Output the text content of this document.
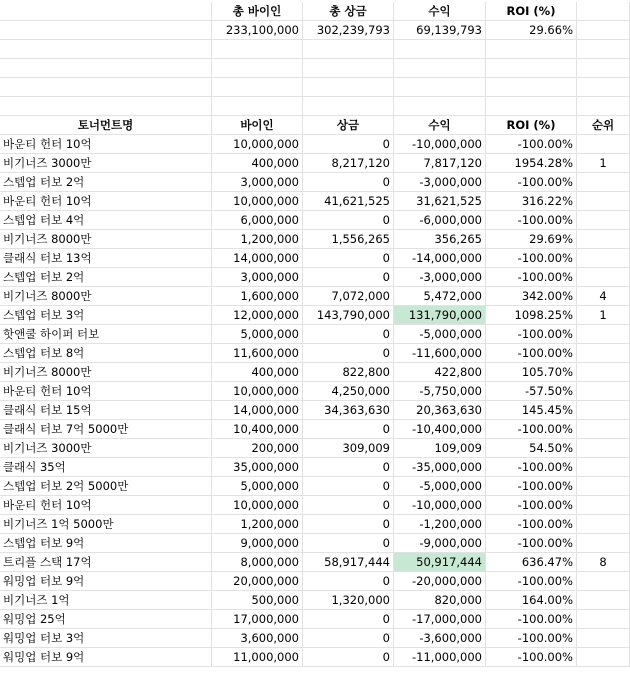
총 바이인	총 상금	수익	ROI (%)
233,100,000	302,239,793	69,139,793	29.66%
토너먼트명	바이인	상금	수익	ROI (%)	순위
바운티 헌터 10억	10,000,000	0	-10,000,000	-100.00%
비기너즈 3000만	400,000	8,217,120	7,817,120	1954.28%	1
스텝업 터보 2억	3,000,000	0	-3,000,000	-100.00%
바운티 헌터 10억	10,000,000	41,621,525	31,621,525	316.22%
스텝업 터보 4억	6,000,000	0	-6,000,000	-100.00%
비기너즈 8000만	1,200,000	1,556,265	356,265	29.69%
클래식 터보 13억	14,000,000	0	-14,000,000	-100.00%
스텝업 터보 2억	3,000,000	0	-3,000,000	-100.00%
비기너즈 8000만	1,600,000	7,072,000	5,472,000	342.00%	4
스텝업 터보 3억	12,000,000	143,790,000	131,790,000	1098.25%	1
핫앤쿨 하이퍼 터보	5,000,000	0	-5,000,000	-100.00%
스텝업 터보 8억	11,600,000	0	-11,600,000	-100.00%
비기너즈 8000만	400,000	822,800	422,800	105.70%
바운티 헌터 10억	10,000,000	4,250,000	-5,750,000	-57.50%
클래식 터보 15억	14,000,000	34,363,630	20,363,630	145.45%
클래식 터보 7억 5000만	10,400,000	0	-10,400,000	-100.00%
비기너즈 3000만	200,000	309,009	109,009	54.50%
클래식 35억	35,000,000	0	-35,000,000	-100.00%
스텝업 터보 2억 5000만	5,000,000	0	-5,000,000	-100.00%
바운티 헌터 10억	10,000,000	0	-10,000,000	-100.00%
비기너즈 1억 5000만	1,200,000	0	-1,200,000	-100.00%
스텝업 터보 9억	9,000,000	0	-9,000,000	-100.00%
트리플 스택 17억	8,000,000	58,917,444	50,917,444	636.47%	8
워밍업 터보 9억	20,000,000	0	-20,000,000	-100.00%
비기너즈 1억	500,000	1,320,000	820,000	164.00%
워밍업 25억	17,000,000	0	-17,000,000	-100.00%
워밍업 터보 3억	3,600,000	0	-3,600,000	-100.00%
워밍업 터보 9억	11,000,000	0	-11,000,000	-100.00%
